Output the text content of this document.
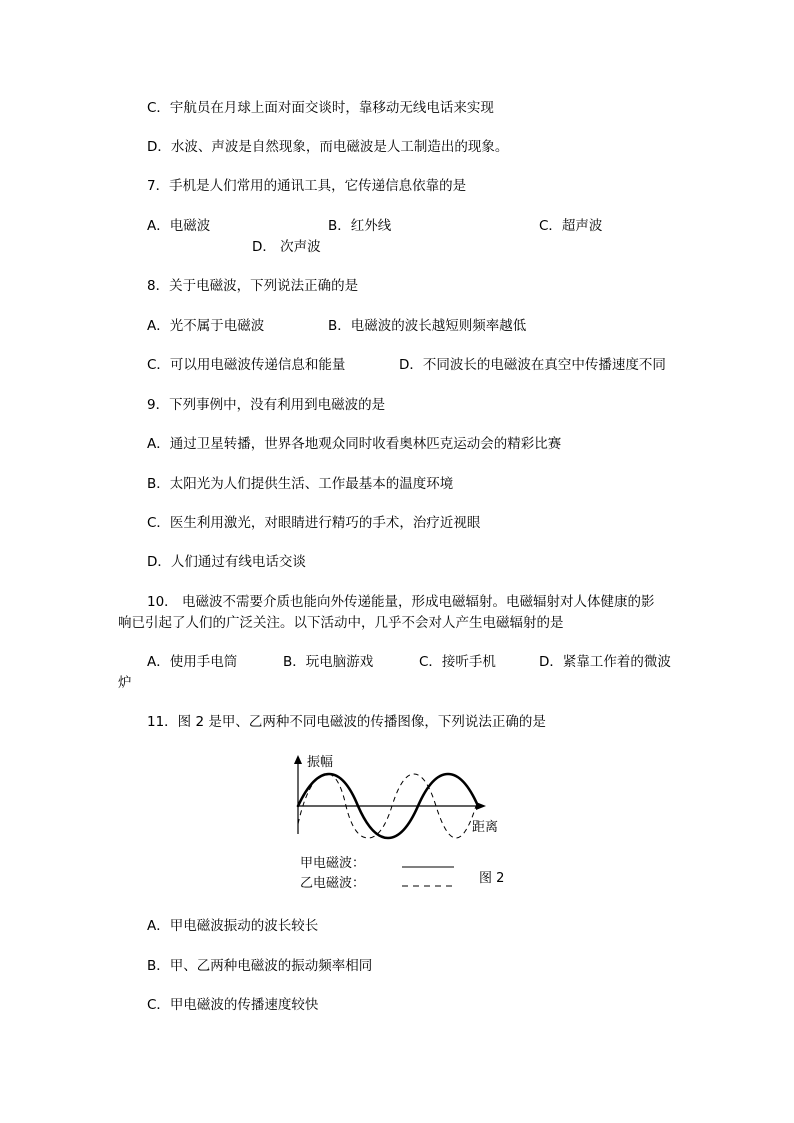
C．宇航员在月球上面对面交谈时，靠移动无线电话来实现
D．水波、声波是自然现象，而电磁波是人工制造出的现象。
7．手机是人们常用的通讯工具，它传递信息依靠的是
A．电磁波	B．红外线	C．超声波
D． 次声波
8．关于电磁波，下列说法正确的是
A．光不属于电磁波	B．电磁波的波长越短则频率越低
C．可以用电磁波传递信息和能量	D．不同波长的电磁波在真空中传播速度不同
9．下列事例中，没有利用到电磁波的是
A．通过卫星转播，世界各地观众同时收看奥林匹克运动会的精彩比赛
B．太阳光为人们提供生活、工作最基本的温度环境
C．医生利用激光，对眼睛进行精巧的手术，治疗近视眼
D．人们通过有线电话交谈
10． 电磁波不需要介质也能向外传递能量，形成电磁辐射。电磁辐射对人体健康的影
响已引起了人们的广泛关注。以下活动中，几乎不会对人产生电磁辐射的是
A．使用手电筒	B．玩电脑游戏	C．接听手机	D．紧靠工作着的微波
炉
11．图 2 是甲、乙两种不同电磁波的传播图像，下列说法正确的是
振幅
距离
甲电磁波：
乙电磁波：	图 2
A．甲电磁波振动的波长较长
B．甲、乙两种电磁波的振动频率相同
C．甲电磁波的传播速度较快
